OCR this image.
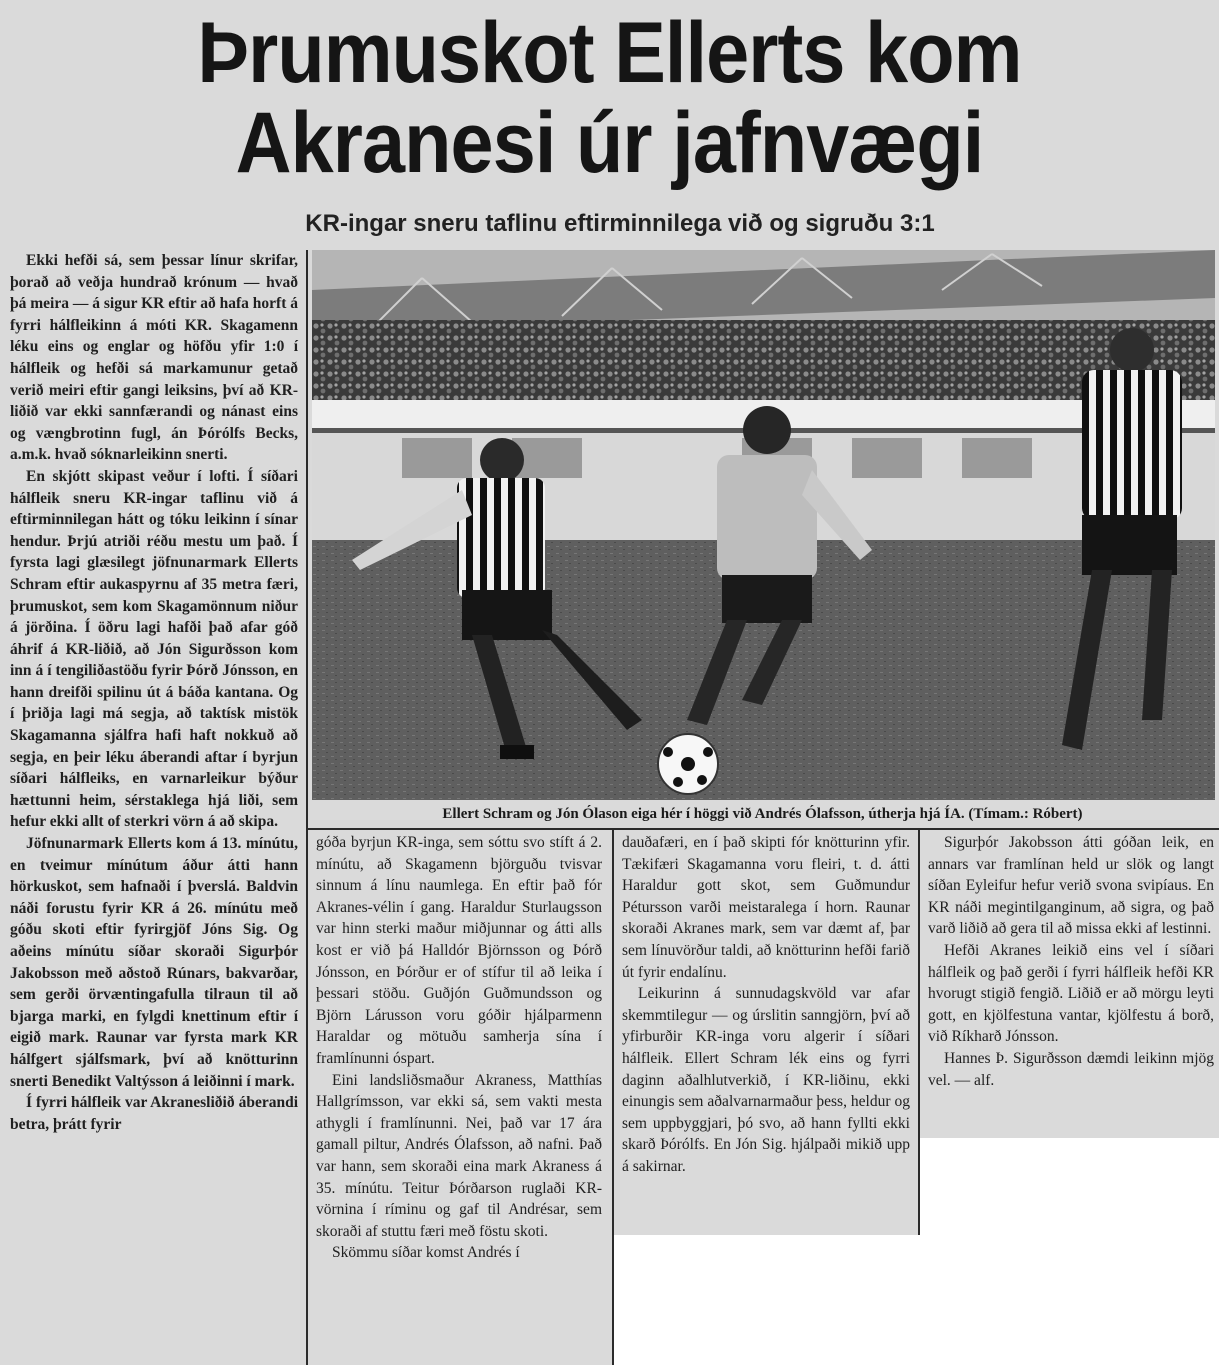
Þrumuskot Ellerts kom
Akranesi úr jafnvægi
KR-ingar sneru taflinu eftirminnilega við og sigruðu 3:1

Ekki hefði sá, sem þessar línur skrifar, þorað að veðja hundrað krónum — hvað þá meira — á sigur KR eftir að hafa horft á fyrri hálfleikinn á móti KR. Skagamenn léku eins og englar og höfðu yfir 1:0 í hálfleik og hefði sá markamunur getað verið meiri eftir gangi leiksins, því að KR-liðið var ekki sannfærandi og nánast eins og vængbrotinn fugl, án Þórólfs Becks, a.m.k. hvað sóknarleikinn snerti.

En skjótt skipast veður í lofti. Í síðari hálfleik sneru KR-ingar taflinu við á eftirminnilegan hátt og tóku leikinn í sínar hendur. Þrjú atriði réðu mestu um það. Í fyrsta lagi glæsilegt jöfnunarmark Ellerts Schram eftir aukaspyrnu af 35 metra færi, þrumuskot, sem kom Skagamönnum niður á jörðina. Í öðru lagi hafði það afar góð áhrif á KR-liðið, að Jón Sigurðsson kom inn á í tengiliðastöðu fyrir Þórð Jónsson, en hann dreifði spilinu út á báða kantana. Og í þriðja lagi má segja, að taktísk mistök Skagamanna sjálfra hafi haft nokkuð að segja, en þeir léku áberandi aftar í byrjun síðari hálfleiks, en varnarleikur býður hættunni heim, sérstaklega hjá liði, sem hefur ekki allt of sterkri vörn á að skipa.

Jöfnunarmark Ellerts kom á 13. mínútu, en tveimur mínútum áður átti hann hörkuskot, sem hafnaði í þverslá. Baldvin náði forustu fyrir KR á 26. mínútu með góðu skoti eftir fyrirgjöf Jóns Sig. Og aðeins mínútu síðar skoraði Sigurþór Jakobsson með aðstoð Rúnars, bakvarðar, sem gerði örvæntingafulla tilraun til að bjarga marki, en fylgdi knettinum eftir í eigið mark. Raunar var fyrsta mark KR hálfgert sjálfsmark, því að knötturinn snerti Benedikt Valtýsson á leiðinni í mark.

Í fyrri hálfleik var Akranesliðið áberandi betra, þrátt fyrir

Ellert Schram og Jón Ólason eiga hér í höggi við Andrés Ólafsson, útherja hjá ÍA. (Tímam.: Róbert)

góða byrjun KR-inga, sem sóttu svo stíft á 2. mínútu, að Skagamenn björguðu tvisvar sinnum á línu naumlega. En eftir það fór Akranes-vélin í gang. Haraldur Sturlaugsson var hinn sterki maður miðjunnar og átti alls kost er við þá Halldór Björnsson og Þórð Jónsson, en Þórður er of stífur til að leika í þessari stöðu. Guðjón Guðmundsson og Björn Lárusson voru góðir hjálparmenn Haraldar og mötuðu samherja sína í framlínunni óspart.

Eini landsliðsmaður Akraness, Matthías Hallgrímsson, var ekki sá, sem vakti mesta athygli í framlínunni. Nei, það var 17 ára gamall piltur, Andrés Ólafsson, að nafni. Það var hann, sem skoraði eina mark Akraness á 35. mínútu. Teitur Þórðarson ruglaði KR-vörnina í ríminu og gaf til Andrésar, sem skoraði af stuttu færi með föstu skoti.

Skömmu síðar komst Andrés í

dauðafæri, en í það skipti fór knötturinn yfir. Tækifæri Skagamanna voru fleiri, t. d. átti Haraldur gott skot, sem Guðmundur Pétursson varði meistaralega í horn. Raunar skoraði Akranes mark, sem var dæmt af, þar sem línuvörður taldi, að knötturinn hefði farið út fyrir endalínu.

Leikurinn á sunnudagskvöld var afar skemmtilegur — og úrslitin sanngjörn, því að yfirburðir KR-inga voru algerir í síðari hálfleik. Ellert Schram lék eins og fyrri daginn aðalhlutverkið, í KR-liðinu, ekki einungis sem aðalvarnarmaður þess, heldur og sem uppbyggjari, þó svo, að hann fyllti ekki skarð Þórólfs. En Jón Sig. hjálpaði mikið upp á sakirnar.

Sigurþór Jakobsson átti góðan leik, en annars var framlínan held ur slök og langt síðan Eyleifur hefur verið svona svipíaus. En KR náði megintilganginum, að sigra, og það varð liðið að gera til að missa ekki af lestinni.

Hefði Akranes leikið eins vel í síðari hálfleik og það gerði í fyrri hálfleik hefði KR hvorugt stigið fengið. Liðið er að mörgu leyti gott, en kjölfestuna vantar, kjölfestu á borð, við Ríkharð Jónsson.

Hannes Þ. Sigurðsson dæmdi leikinn mjög vel. — alf.
